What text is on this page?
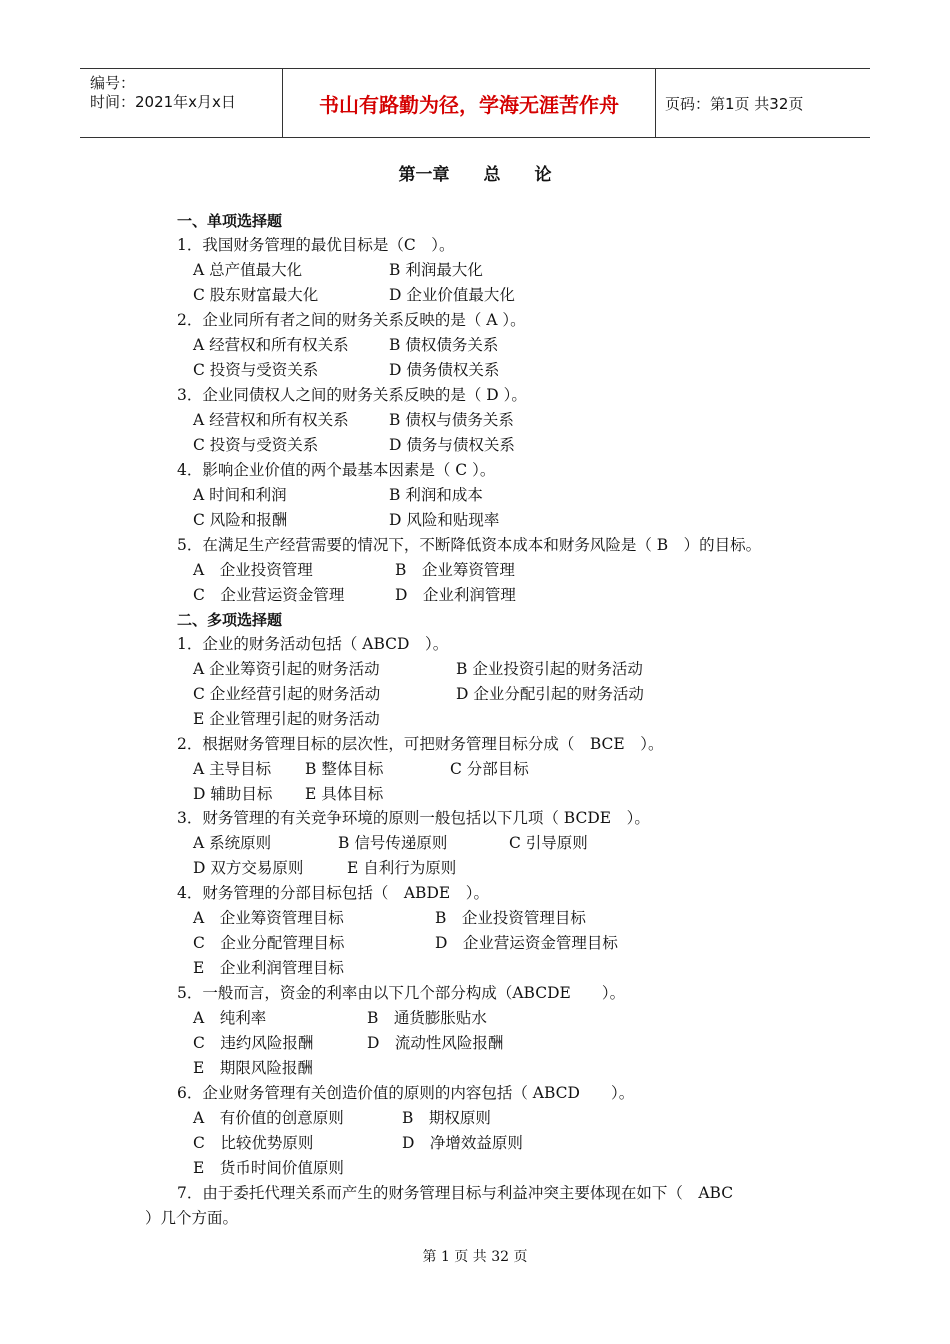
编号：
时间：2021年x月x日	书山有路勤为径，学海无涯苦作舟	页码：第1页 共32页
第一章　　总　　论
一、单项选择题
1．我国财务管理的最优目标是（C　）。
A 总产值最大化	B 利润最大化
C 股东财富最大化	D 企业价值最大化
2．企业同所有者之间的财务关系反映的是（ A ）。
A 经营权和所有权关系	B 债权债务关系
C 投资与受资关系	D 债务债权关系
3．企业同债权人之间的财务关系反映的是（ D ）。
A 经营权和所有权关系	B 债权与债务关系
C 投资与受资关系	D 债务与债权关系
4．影响企业价值的两个最基本因素是（ C ）。
A 时间和利润	B 利润和成本
C 风险和报酬	D 风险和贴现率
5．在满足生产经营需要的情况下，不断降低资本成本和财务风险是（ B　）的目标。
A　企业投资管理	B　企业筹资管理
C　企业营运资金管理	D　企业利润管理
二、多项选择题
1．企业的财务活动包括（ ABCD　）。
A 企业筹资引起的财务活动	B 企业投资引起的财务活动
C 企业经营引起的财务活动	D 企业分配引起的财务活动
E 企业管理引起的财务活动
2．根据财务管理目标的层次性，可把财务管理目标分成（　BCE　）。
A 主导目标 B 整体目标	C 分部目标
D 辅助目标 E 具体目标
3．财务管理的有关竞争环境的原则一般包括以下几项（ BCDE　）。
A 系统原则	B 信号传递原则	C 引导原则
D 双方交易原则	E 自利行为原则
4．财务管理的分部目标包括（　ABDE　）。
A　企业筹资管理目标	B　企业投资管理目标
C　企业分配管理目标	D　企业营运资金管理目标
E　企业利润管理目标
5．一般而言，资金的利率由以下几个部分构成（ABCDE　　）。
A　纯利率	B　通货膨胀贴水
C　违约风险报酬	D　流动性风险报酬
E　期限风险报酬
6．企业财务管理有关创造价值的原则的内容包括（ ABCD　　）。
A　有价值的创意原则	B　期权原则
C　比较优势原则	D　净增效益原则
E　货币时间价值原则
7．由于委托代理关系而产生的财务管理目标与利益冲突主要体现在如下（　ABC
）几个方面。
第 1 页 共 32 页
